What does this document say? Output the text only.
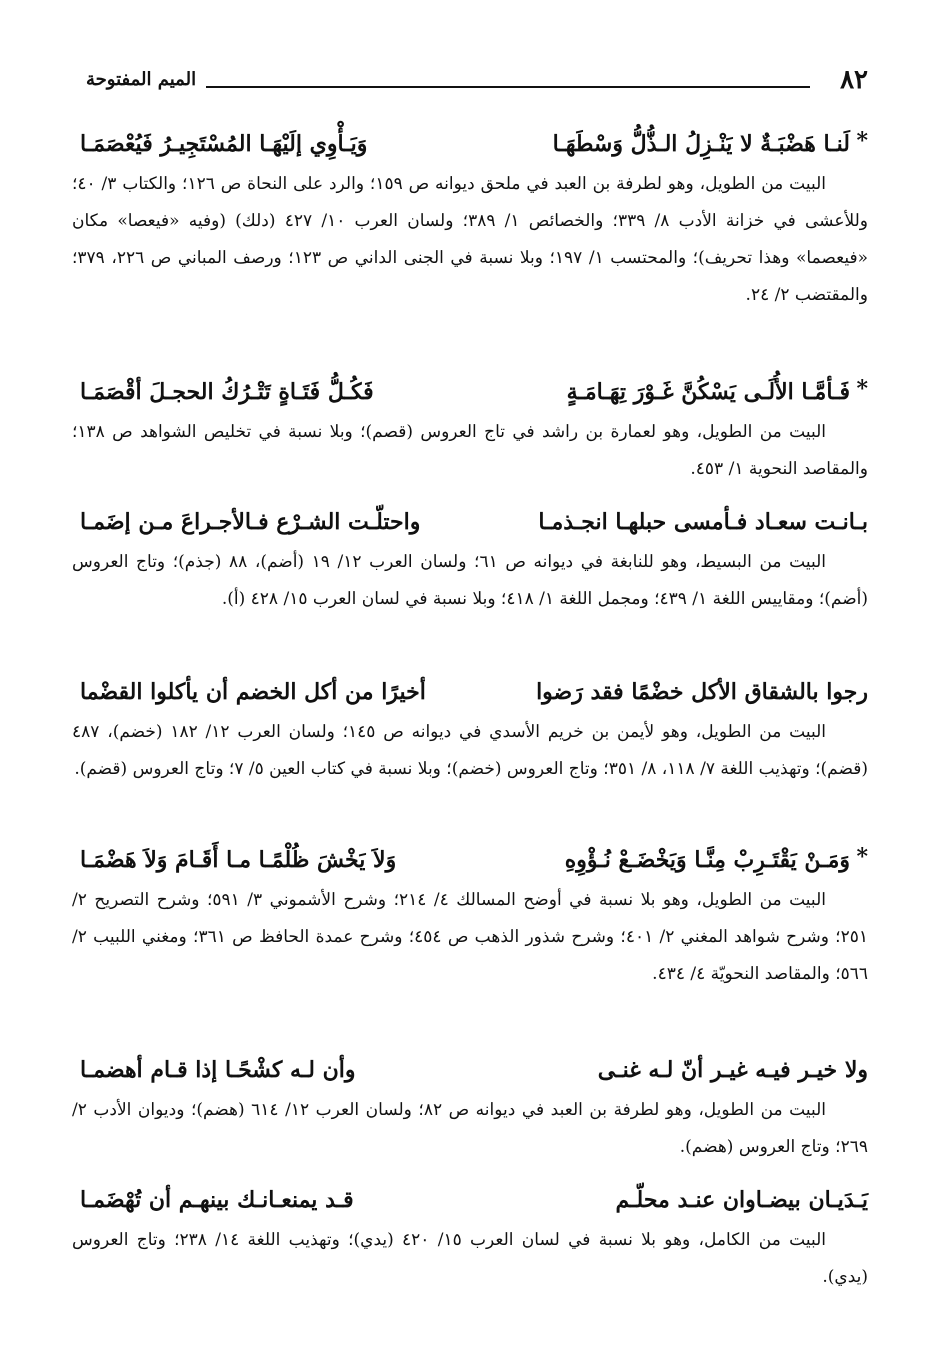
٨٢
الميم المفتوحة
*
لَنـا هَضْبَـةٌ لا يَنْـزِلُ الـذُّلُّ وَسْطَهَـا
وَيَـأْوِي إلَيْهَـا المُسْتَجِيـرُ فَيُعْصَمَـا

البيت من الطويل، وهو لطرفة بن العبد في ملحق ديوانه ص ١٥٩؛ والرد على النحاة ص ١٢٦؛ والكتاب ٣/ ٤٠؛ وللأعشى في خزانة الأدب ٨/ ٣٣٩؛ والخصائص ١/ ٣٨٩؛ ولسان العرب ١٠/ ٤٢٧ (دلك) (وفيه «فيعصا» مكان «فيعصما» وهذا تحريف)؛ والمحتسب ١/ ١٩٧؛ وبلا نسبة في الجنى الداني ص ١٢٣؛ ورصف المباني ص ٢٢٦، ٣٧٩؛ والمقتضب ٢/ ٢٤.

*
فَـأمَّـا الأُلَـى يَسْكُنَّ غَـوْرَ تِهَـامَـةٍ
فَكُـلُّ فَتَـاةٍ تَتْـرُكُ الحجـلَ أقْصَمَـا

البيت من الطويل، وهو لعمارة بن راشد في تاج العروس (قصم)؛ وبلا نسبة في تخليص الشواهد ص ١٣٨؛ والمقاصد النحوية ١/ ٤٥٣.

بـانـت سعـاد فـأمسى حبلهـا انجـذمـا
واحتلّـت الشـرْع فـالأجـراعَ مـن إضَمـا

البيت من البسيط، وهو للنابغة في ديوانه ص ٦١؛ ولسان العرب ١٢/ ١٩ (أضم)، ٨٨ (جذم)؛ وتاج العروس (أضم)؛ ومقاييس اللغة ١/ ٤٣٩؛ ومجمل اللغة ١/ ٤١٨؛ وبلا نسبة في لسان العرب ١٥/ ٤٢٨ (أ).

رجوا بالشقاق الأكل خضْمًا فقد رَضوا
أخيرًا من أكل الخضم أن يأكلوا القضْما

البيت من الطويل، وهو لأيمن بن خريم الأسدي في ديوانه ص ١٤٥؛ ولسان العرب ١٢/ ١٨٢ (خضم)، ٤٨٧ (قضم)؛ وتهذيب اللغة ٧/ ١١٨، ٨/ ٣٥١؛ وتاج العروس (خضم)؛ وبلا نسبة في كتاب العين ٥/ ٧؛ وتاج العروس (قضم).

*
وَمَـنْ يَقْتَـرِبْ مِنَّـا وَيَخْضَـعْ نُـؤْوِهِ
وَلاَ يَخْشَ ظُلْمًـا مـا أَقَـامَ وَلاَ هَضْمَـا

البيت من الطويل، وهو بلا نسبة في أوضح المسالك ٤/ ٢١٤؛ وشرح الأشموني ٣/ ٥٩١؛ وشرح التصريح ٢/ ٢٥١؛ وشرح شواهد المغني ٢/ ٤٠١؛ وشرح شذور الذهب ص ٤٥٤؛ وشرح عمدة الحافظ ص ٣٦١؛ ومغني اللبيب ٢/ ٥٦٦؛ والمقاصد النحويّة ٤/ ٤٣٤.

ولا خيـر فيـه غيـر أنّ لـه غنـى
وأن لـه كشْحًـا إذا قـام أهضمـا

البيت من الطويل، وهو لطرفة بن العبد في ديوانه ص ٨٢؛ ولسان العرب ١٢/ ٦١٤ (هضم)؛ وديوان الأدب ٢/ ٢٦٩؛ وتاج العروس (هضم).

يَـدَيـان بيضـاوان عنـد محلّـم
قـد يمنعـانـك بينهـم أن تُهْضَمـا

البيت من الكامل، وهو بلا نسبة في لسان العرب ١٥/ ٤٢٠ (يدي)؛ وتهذيب اللغة ١٤/ ٢٣٨؛ وتاج العروس (يدي).
